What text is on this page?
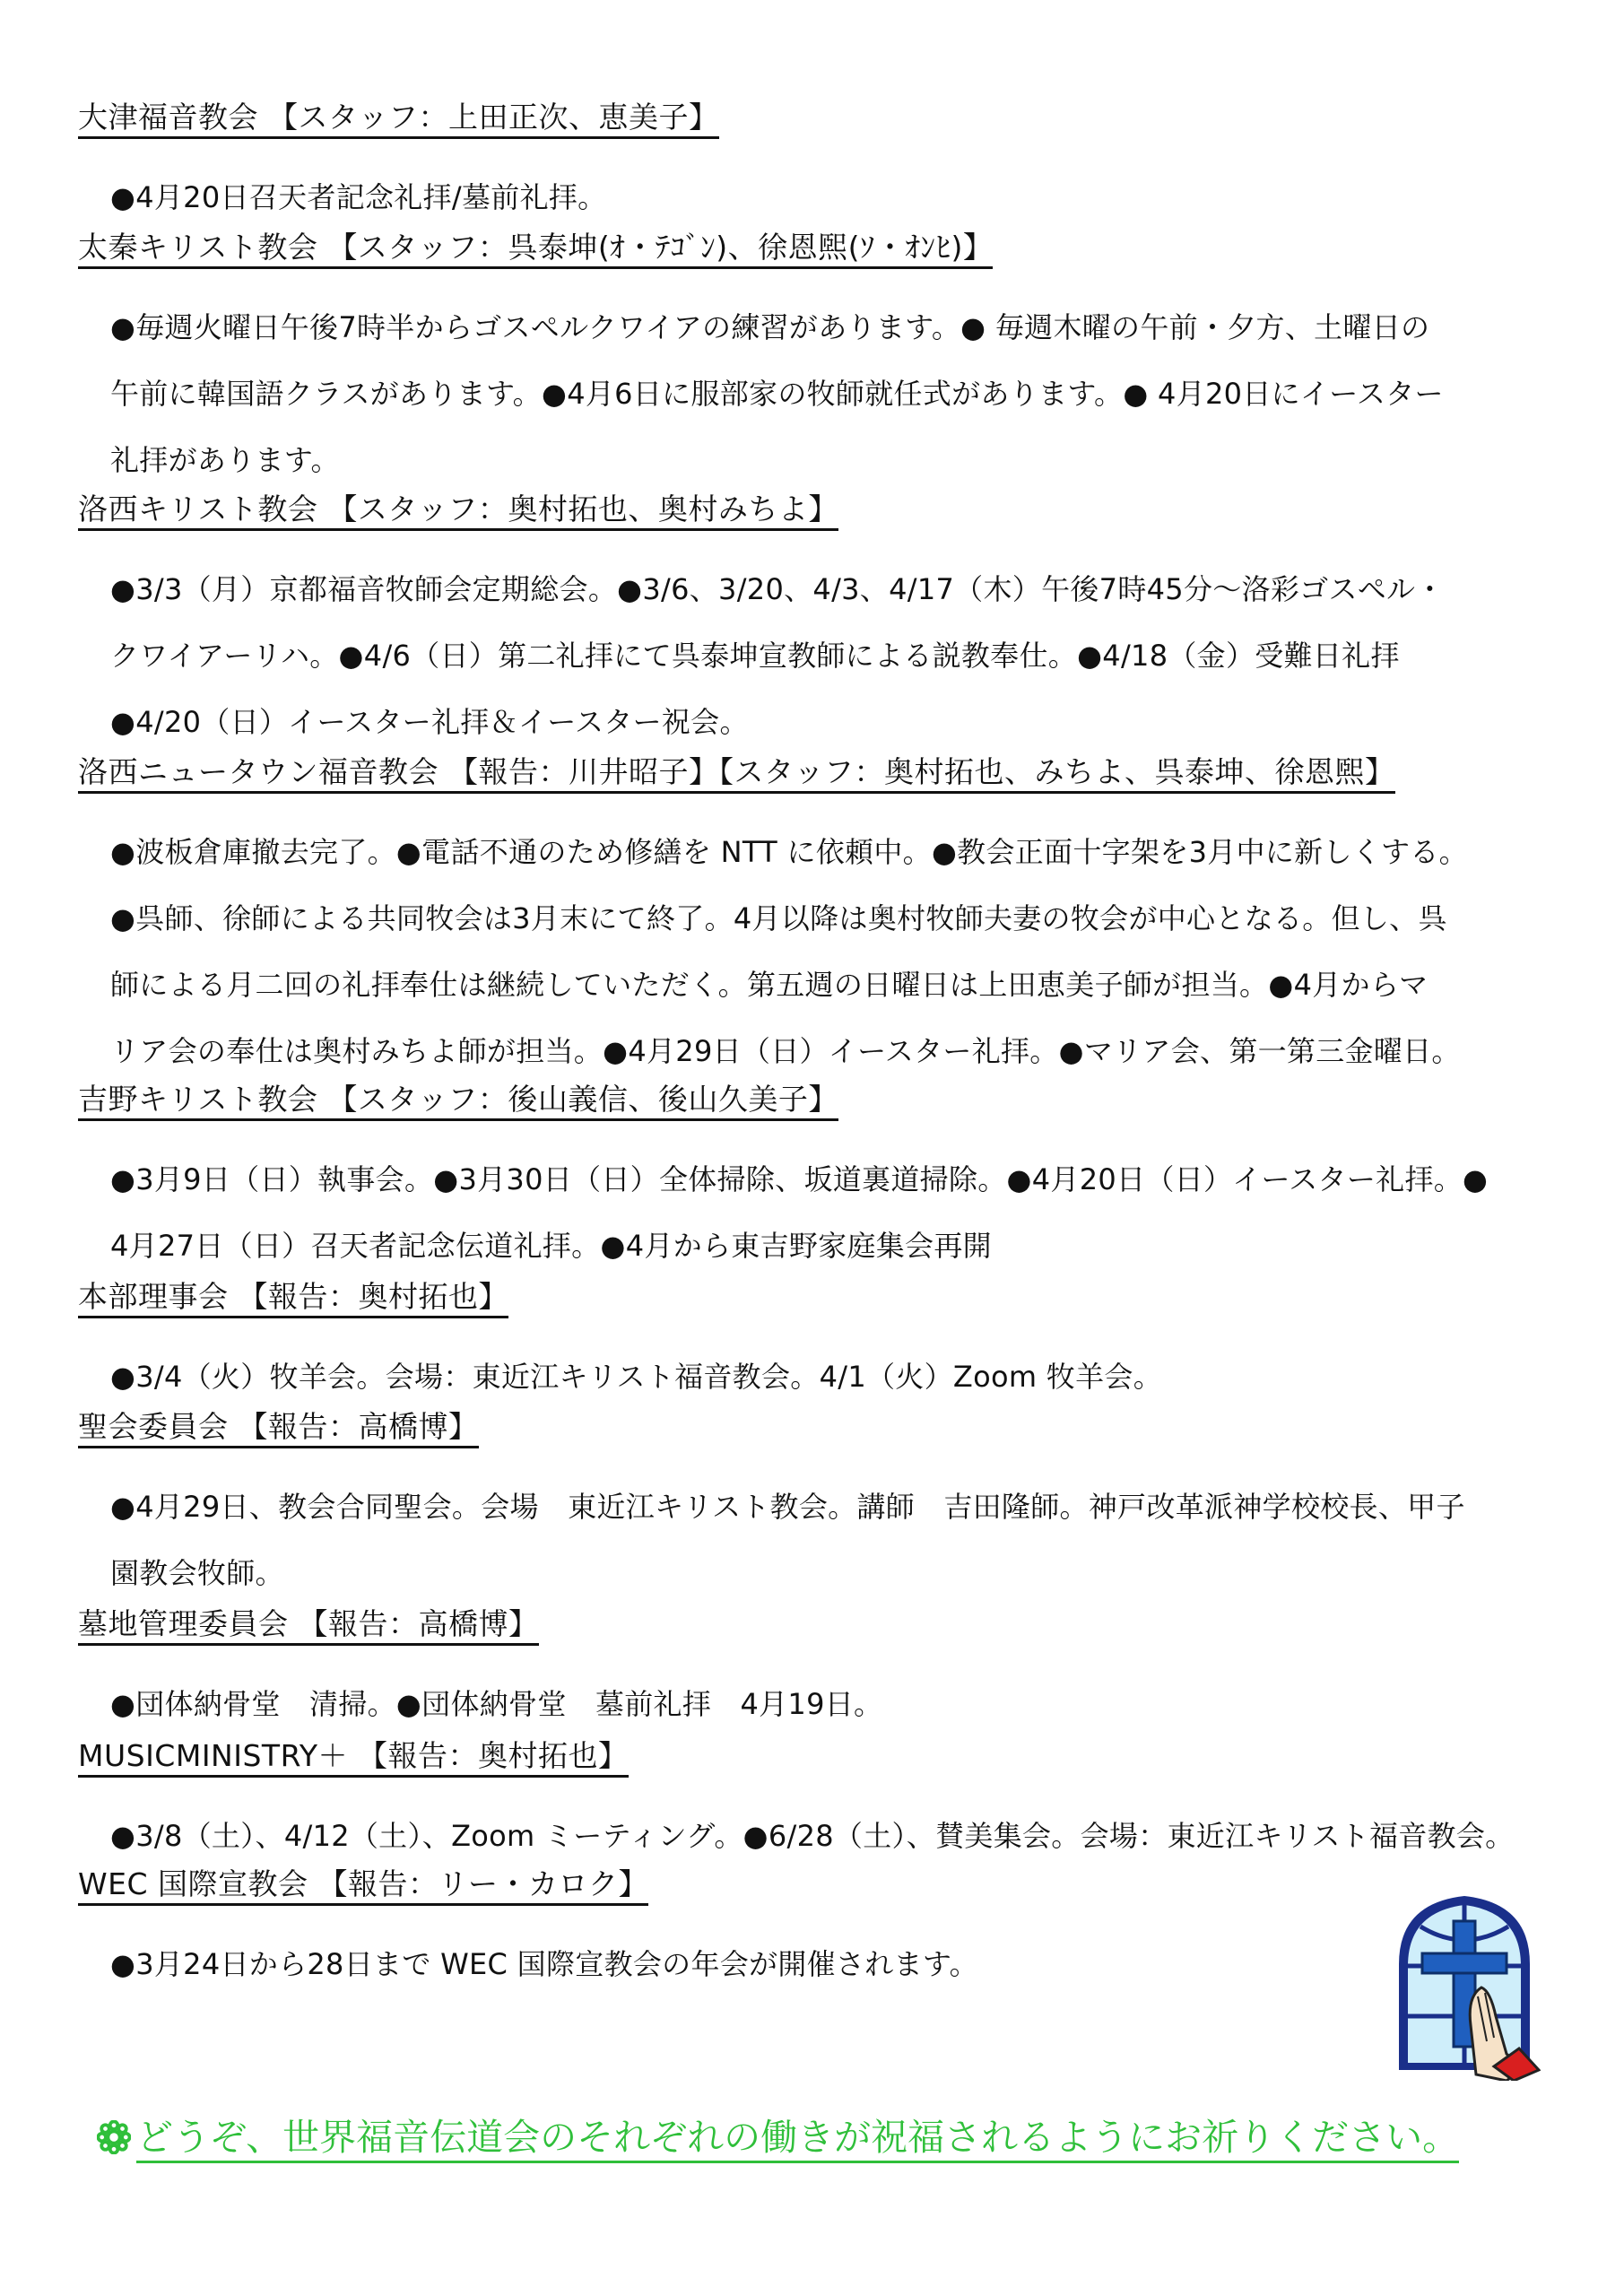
大津福音教会 【スタッフ：上田正次、恵美子】

●4月20日召天者記念礼拝/墓前礼拝。

太秦キリスト教会 【スタッフ：呉泰坤(ｵ・ﾃｺﾞﾝ)、徐恩煕(ｿ・ｵﾝﾋ)】

●毎週火曜日午後7時半からゴスペルクワイアの練習があります。● 毎週木曜の午前・夕方、土曜日の

午前に韓国語クラスがあります。●4月6日に服部家の牧師就任式があります。● 4月20日にイースター

礼拝があります。

洛西キリスト教会 【スタッフ：奥村拓也、奥村みちよ】

●3/3（月）京都福音牧師会定期総会。●3/6、3/20、4/3、4/17（木）午後7時45分～洛彩ゴスペル・

クワイアーリハ。●4/6（日）第二礼拝にて呉泰坤宣教師による説教奉仕。●4/18（金）受難日礼拝

●4/20（日）イースター礼拝＆イースター祝会。

洛西ニュータウン福音教会 【報告：川井昭子】【スタッフ：奥村拓也、みちよ、呉泰坤、徐恩煕】

●波板倉庫撤去完了。●電話不通のため修繕を NTT に依頼中。●教会正面十字架を3月中に新しくする。

●呉師、徐師による共同牧会は3月末にて終了。4月以降は奥村牧師夫妻の牧会が中心となる。但し、呉

師による月二回の礼拝奉仕は継続していただく。第五週の日曜日は上田恵美子師が担当。●4月からマ

リア会の奉仕は奥村みちよ師が担当。●4月29日（日）イースター礼拝。●マリア会、第一第三金曜日。

吉野キリスト教会 【スタッフ：後山義信、後山久美子】

●3月9日（日）執事会。●3月30日（日）全体掃除、坂道裏道掃除。●4月20日（日）イースター礼拝。●

4月27日（日）召天者記念伝道礼拝。●4月から東吉野家庭集会再開

本部理事会 【報告：奥村拓也】

●3/4（火）牧羊会。会場：東近江キリスト福音教会。4/1（火）Zoom 牧羊会。

聖会委員会 【報告：高橋博】

●4月29日、教会合同聖会。会場　東近江キリスト教会。講師　吉田隆師。神戸改革派神学校校長、甲子

園教会牧師。

墓地管理委員会 【報告：高橋博】

●団体納骨堂　清掃。●団体納骨堂　墓前礼拝　4月19日。

MUSICMINISTRY＋ 【報告：奥村拓也】

●3/8（土）、4/12（土）、Zoom ミーティング。●6/28（土）、賛美集会。会場：東近江キリスト福音教会。

WEC 国際宣教会 【報告：リー・カロク】

●3月24日から28日まで WEC 国際宣教会の年会が開催されます。

どうぞ、世界福音伝道会のそれぞれの働きが祝福されるようにお祈りください。
